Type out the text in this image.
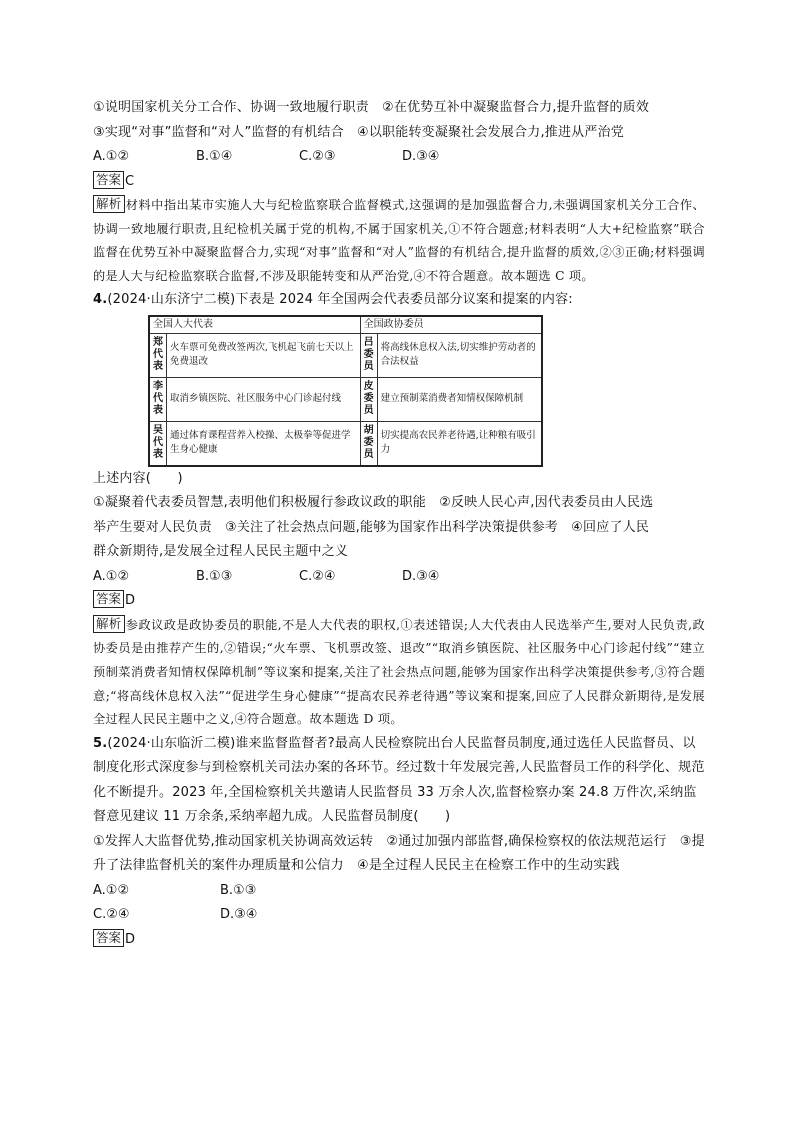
①说明国家机关分工合作、协调一致地履行职责　②在优势互补中凝聚监督合力,提升监督的质效
③实现“对事”监督和“对人”监督的有机结合　④以职能转变凝聚社会发展合力,推进从严治党
A.①②	B.①④	C.②③	D.③④
答案 C
解析 材料中指出某市实施人大与纪检监察联合监督模式,这强调的是加强监督合力,未强调国家机关分工合作、协调一致地履行职责,且纪检机关属于党的机构,不属于国家机关,①不符合题意;材料表明“人大+纪检监察”联合监督在优势互补中凝聚监督合力,实现“对事”监督和“对人”监督的有机结合,提升监督的质效,②③正确;材料强调的是人大与纪检监察联合监督,不涉及职能转变和从严治党,④不符合题意。故本题选 C 项。
4.(2024·山东济宁二模)下表是 2024 年全国两会代表委员部分议案和提案的内容:
全国人大代表		全国政协委员	
郑代表	火车票可免费改签两次,飞机起飞前七天以上免费退改	吕委员	将高线休息权入法,切实维护劳动者的合法权益
李代表	取消乡镇医院、社区服务中心门诊起付线	皮委员	建立预制菜消费者知情权保障机制
吴代表	通过体育课程营养入校操、太极拳等促进学生身心健康	胡委员	切实提高农民养老待遇,让种粮有吸引力
上述内容(　　)
①凝聚着代表委员智慧,表明他们积极履行参政议政的职能　②反映人民心声,因代表委员由人民选
举产生要对人民负责　③关注了社会热点问题,能够为国家作出科学决策提供参考　④回应了人民
群众新期待,是发展全过程人民民主题中之义
A.①②	B.①③	C.②④	D.③④
答案 D
解析 参政议政是政协委员的职能,不是人大代表的职权,①表述错误;人大代表由人民选举产生,要对人民负责,政协委员是由推荐产生的,②错误;“火车票、飞机票改签、退改”“取消乡镇医院、社区服务中心门诊起付线”“建立预制菜消费者知情权保障机制”等议案和提案,关注了社会热点问题,能够为国家作出科学决策提供参考,③符合题意;“将高线休息权入法”“促进学生身心健康”“提高农民养老待遇”等议案和提案,回应了人民群众新期待,是发展全过程人民民主题中之义,④符合题意。故本题选 D 项。
5.(2024·山东临沂二模)谁来监督监督者?最高人民检察院出台人民监督员制度,通过选任人民监督员、以制度化形式深度参与到检察机关司法办案的各环节。经过数十年发展完善,人民监督员工作的科学化、规范化不断提升。2023 年,全国检察机关共邀请人民监督员 33 万余人次,监督检察办案 24.8 万件次,采纳监督意见建议 11 万余条,采纳率超九成。人民监督员制度(　　)
①发挥人大监督优势,推动国家机关协调高效运转　②通过加强内部监督,确保检察权的依法规范运行　③提升了法律监督机关的案件办理质量和公信力　④是全过程人民民主在检察工作中的生动实践
A.①②	B.①③
C.②④	D.③④
答案 D
